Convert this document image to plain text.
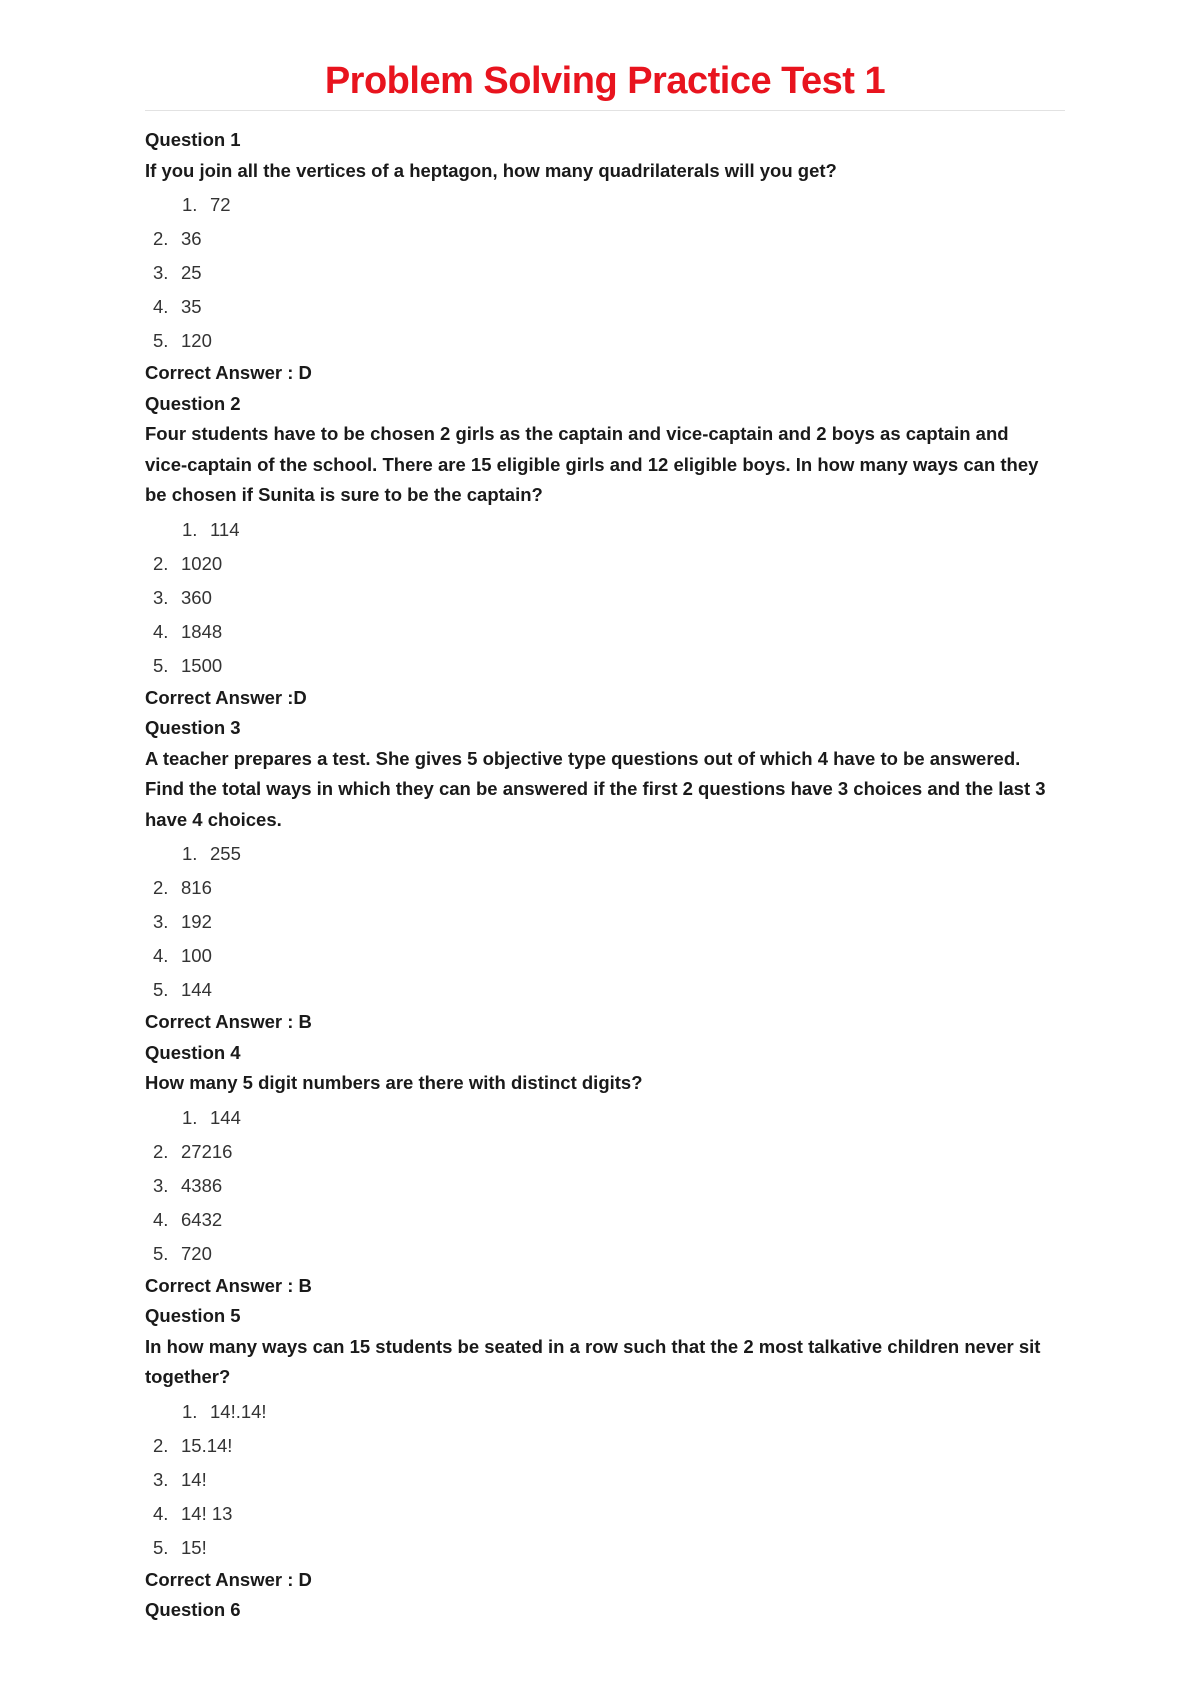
Problem Solving Practice Test 1
Question 1

If you join all the vertices of a heptagon, how many quadrilaterals will you get?

1. 72
2. 36
3. 25
4. 35
5. 120
Correct Answer : D
Question 2

Four students have to be chosen 2 girls as the captain and vice-captain and 2 boys as captain and vice-captain of the school. There are 15 eligible girls and 12 eligible boys. In how many ways can they be chosen if Sunita is sure to be the captain?

1. 114
2. 1020
3. 360
4. 1848
5. 1500
Correct Answer :D
Question 3

A teacher prepares a test. She gives 5 objective type questions out of which 4 have to be answered. Find the total ways in which they can be answered if the first 2 questions have 3 choices and the last 3 have 4 choices.

1. 255
2. 816
3. 192
4. 100
5. 144
Correct Answer : B
Question 4

How many 5 digit numbers are there with distinct digits?

1. 144
2. 27216
3. 4386
4. 6432
5. 720
Correct Answer : B
Question 5

In how many ways can 15 students be seated in a row such that the 2 most talkative children never sit together?

1. 14!.14!
2. 15.14!
3. 14!
4. 14! 13
5. 15!
Correct Answer : D
Question 6
